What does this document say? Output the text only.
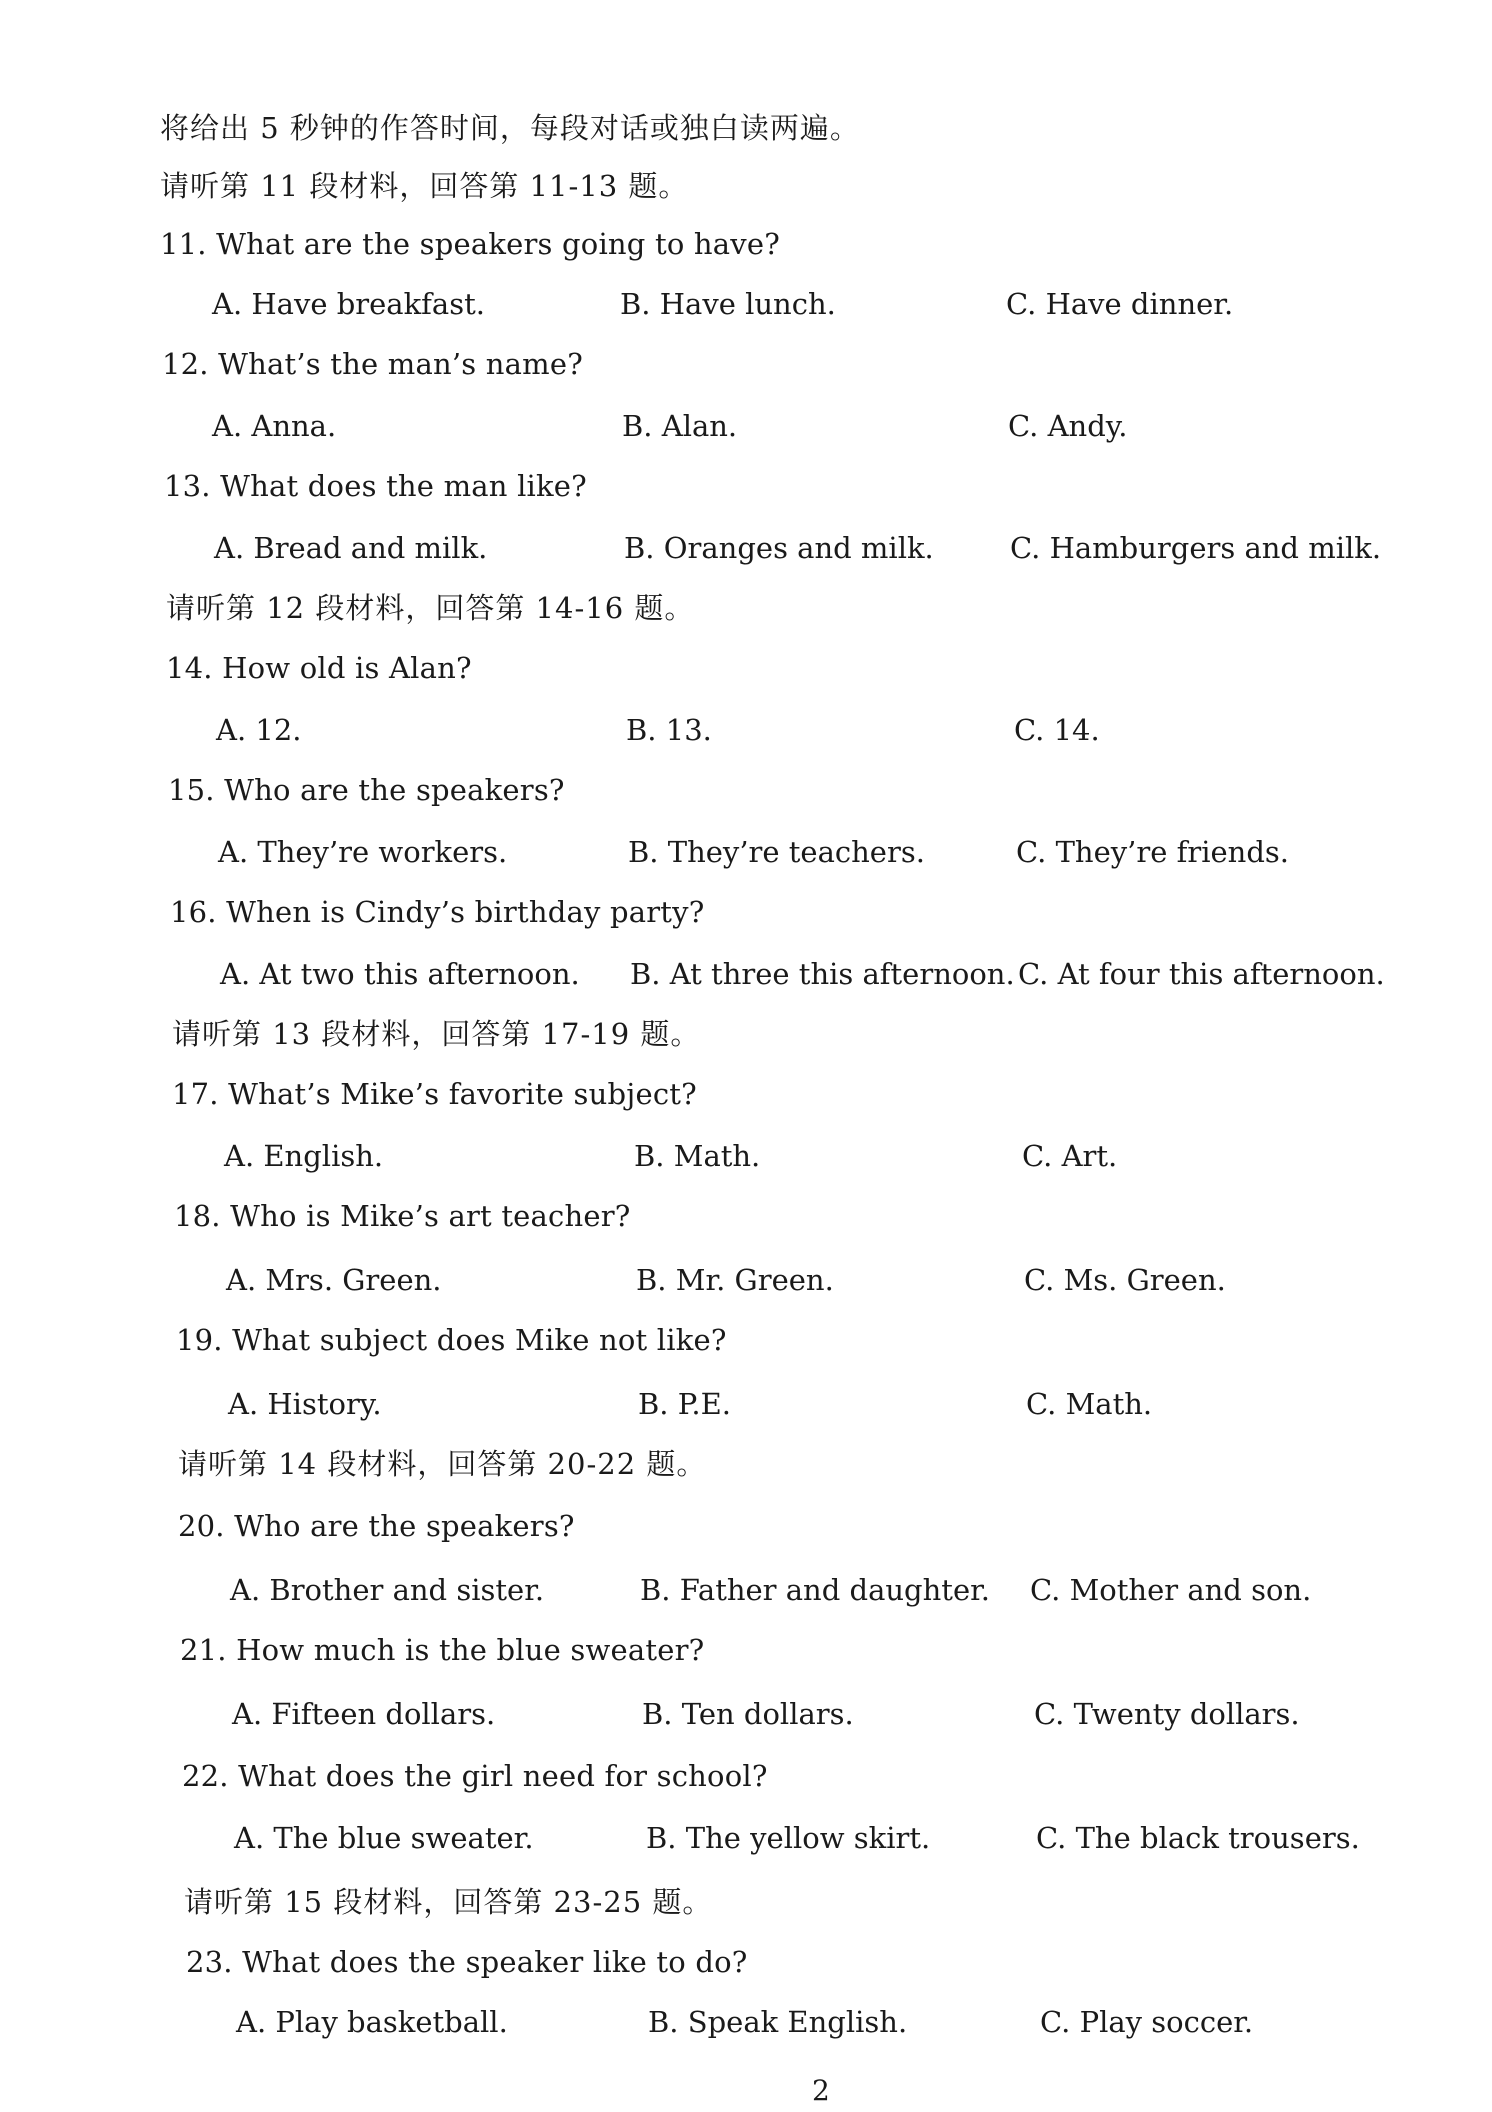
将给出 5 秒钟的作答时间，每段对话或独白读两遍。
请听第 11 段材料，回答第 11-13 题。
11. What are the speakers going to have?
A. Have breakfast.	B. Have lunch.	C. Have dinner.
12. What’s the man’s name?
A. Anna.	B. Alan.	C. Andy.
13. What does the man like?
A. Bread and milk.	B. Oranges and milk.	C. Hamburgers and milk.
请听第 12 段材料，回答第 14-16 题。
14. How old is Alan?
A. 12.	B. 13.	C. 14.
15. Who are the speakers?
A. They’re workers.	B. They’re teachers.	C. They’re friends.
16. When is Cindy’s birthday party?
A. At two this afternoon. B. At three this afternoon. C. At four this afternoon.
请听第 13 段材料，回答第 17-19 题。
17. What’s Mike’s favorite subject?
A. English.	B. Math.	C. Art.
18. Who is Mike’s art teacher?
A. Mrs. Green.	B. Mr. Green.	C. Ms. Green.
19. What subject does Mike not like?
A. History.	B. P.E.	C. Math.
请听第 14 段材料，回答第 20-22 题。
20. Who are the speakers?
A. Brother and sister.	B. Father and daughter. C. Mother and son.
21. How much is the blue sweater?
A. Fifteen dollars.	B. Ten dollars.	C. Twenty dollars.
22. What does the girl need for school?
A. The blue sweater.	B. The yellow skirt.	C. The black trousers.
请听第 15 段材料，回答第 23-25 题。
23. What does the speaker like to do?
A. Play basketball.	B. Speak English.	C. Play soccer.
2
